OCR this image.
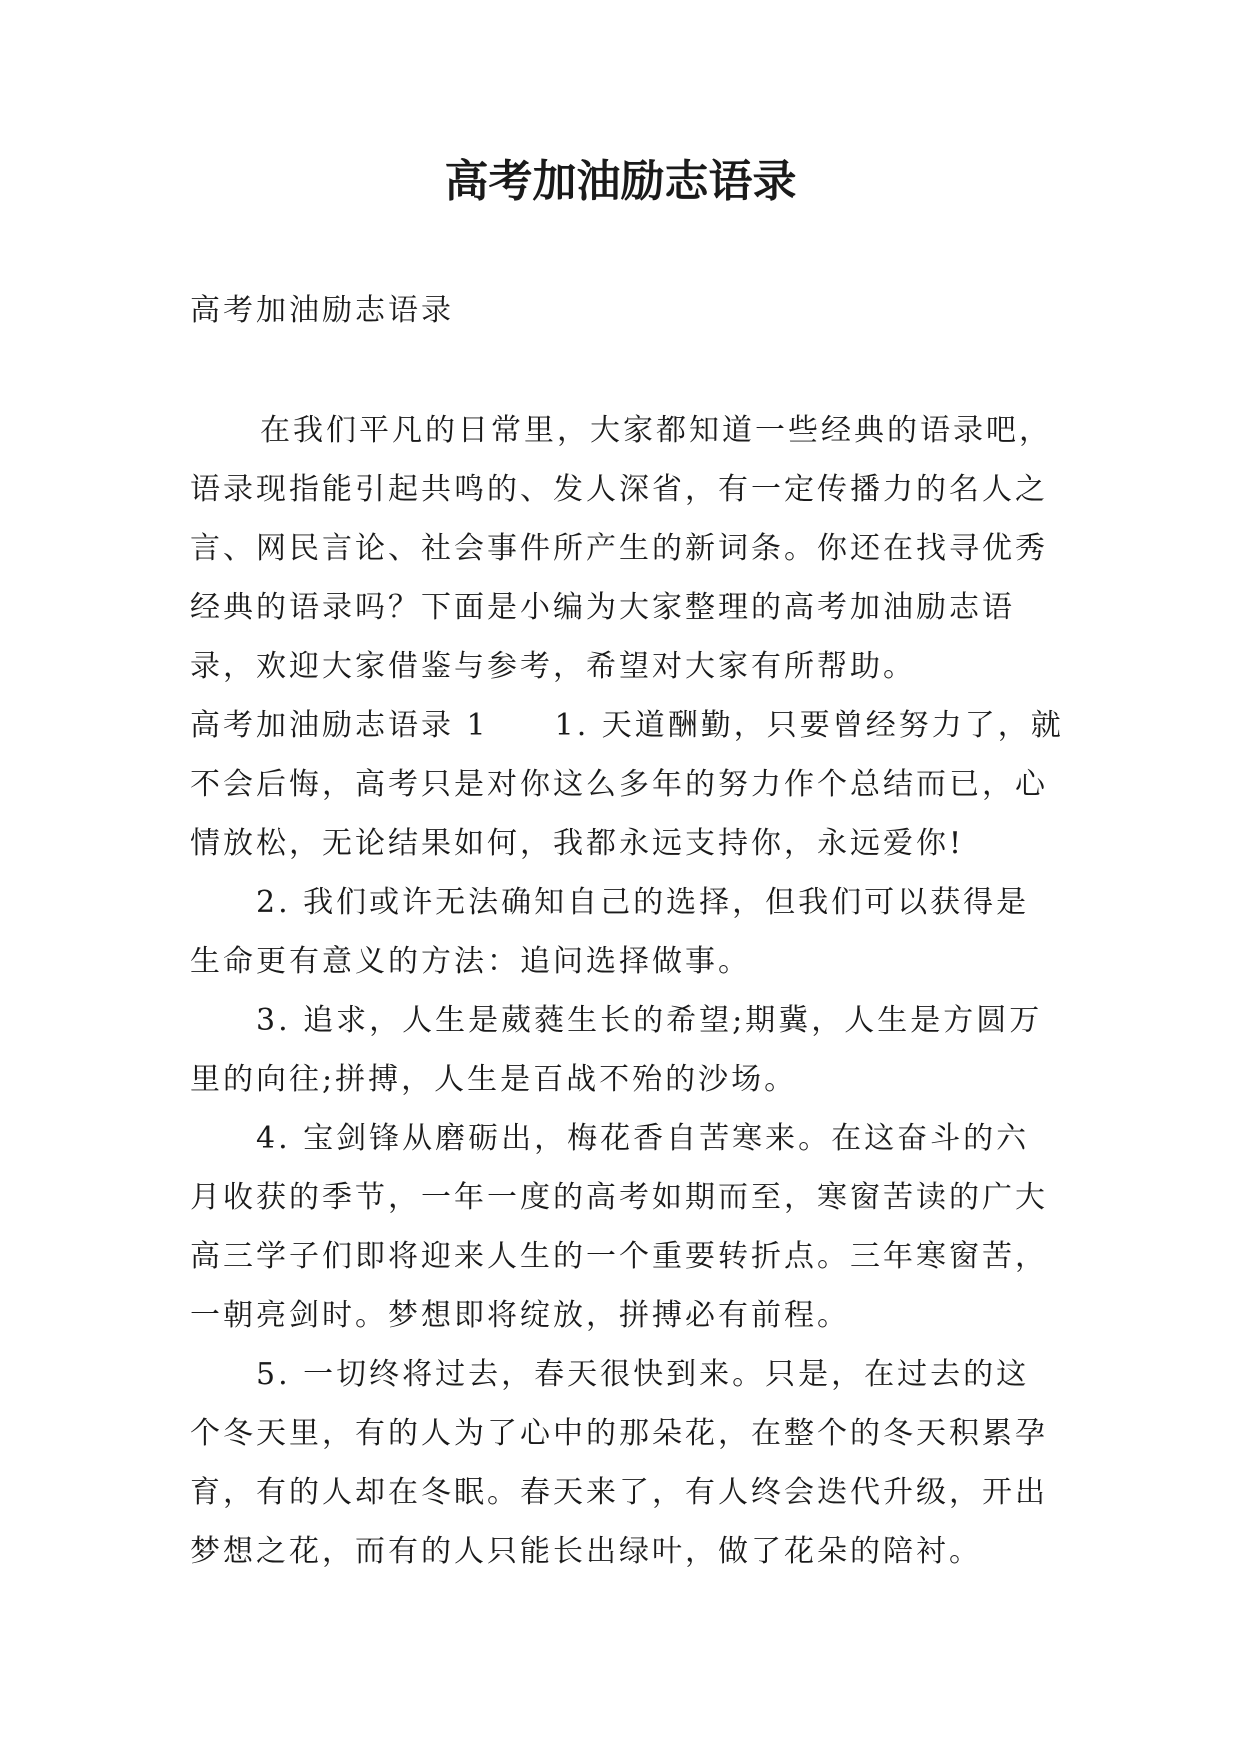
高考加油励志语录
高考加油励志语录
在我们平凡的日常里，大家都知道一些经典的语录吧，
语录现指能引起共鸣的、发人深省，有一定传播力的名人之
言、网民言论、社会事件所产生的新词条。你还在找寻优秀
经典的语录吗？下面是小编为大家整理的高考加油励志语
录，欢迎大家借鉴与参考，希望对大家有所帮助。
高考加油励志语录 1　　1. 天道酬勤，只要曾经努力了，就
不会后悔，高考只是对你这么多年的努力作个总结而已，心
情放松，无论结果如何，我都永远支持你，永远爱你!
2. 我们或许无法确知自己的选择，但我们可以获得是
生命更有意义的方法：追问选择做事。
3. 追求，人生是葳蕤生长的希望;期冀，人生是方圆万
里的向往;拼搏，人生是百战不殆的沙场。
4. 宝剑锋从磨砺出，梅花香自苦寒来。在这奋斗的六
月收获的季节，一年一度的高考如期而至，寒窗苦读的广大
高三学子们即将迎来人生的一个重要转折点。三年寒窗苦，
一朝亮剑时。梦想即将绽放，拼搏必有前程。
5. 一切终将过去，春天很快到来。只是，在过去的这
个冬天里，有的人为了心中的那朵花，在整个的冬天积累孕
育，有的人却在冬眠。春天来了，有人终会迭代升级，开出
梦想之花，而有的人只能长出绿叶，做了花朵的陪衬。
